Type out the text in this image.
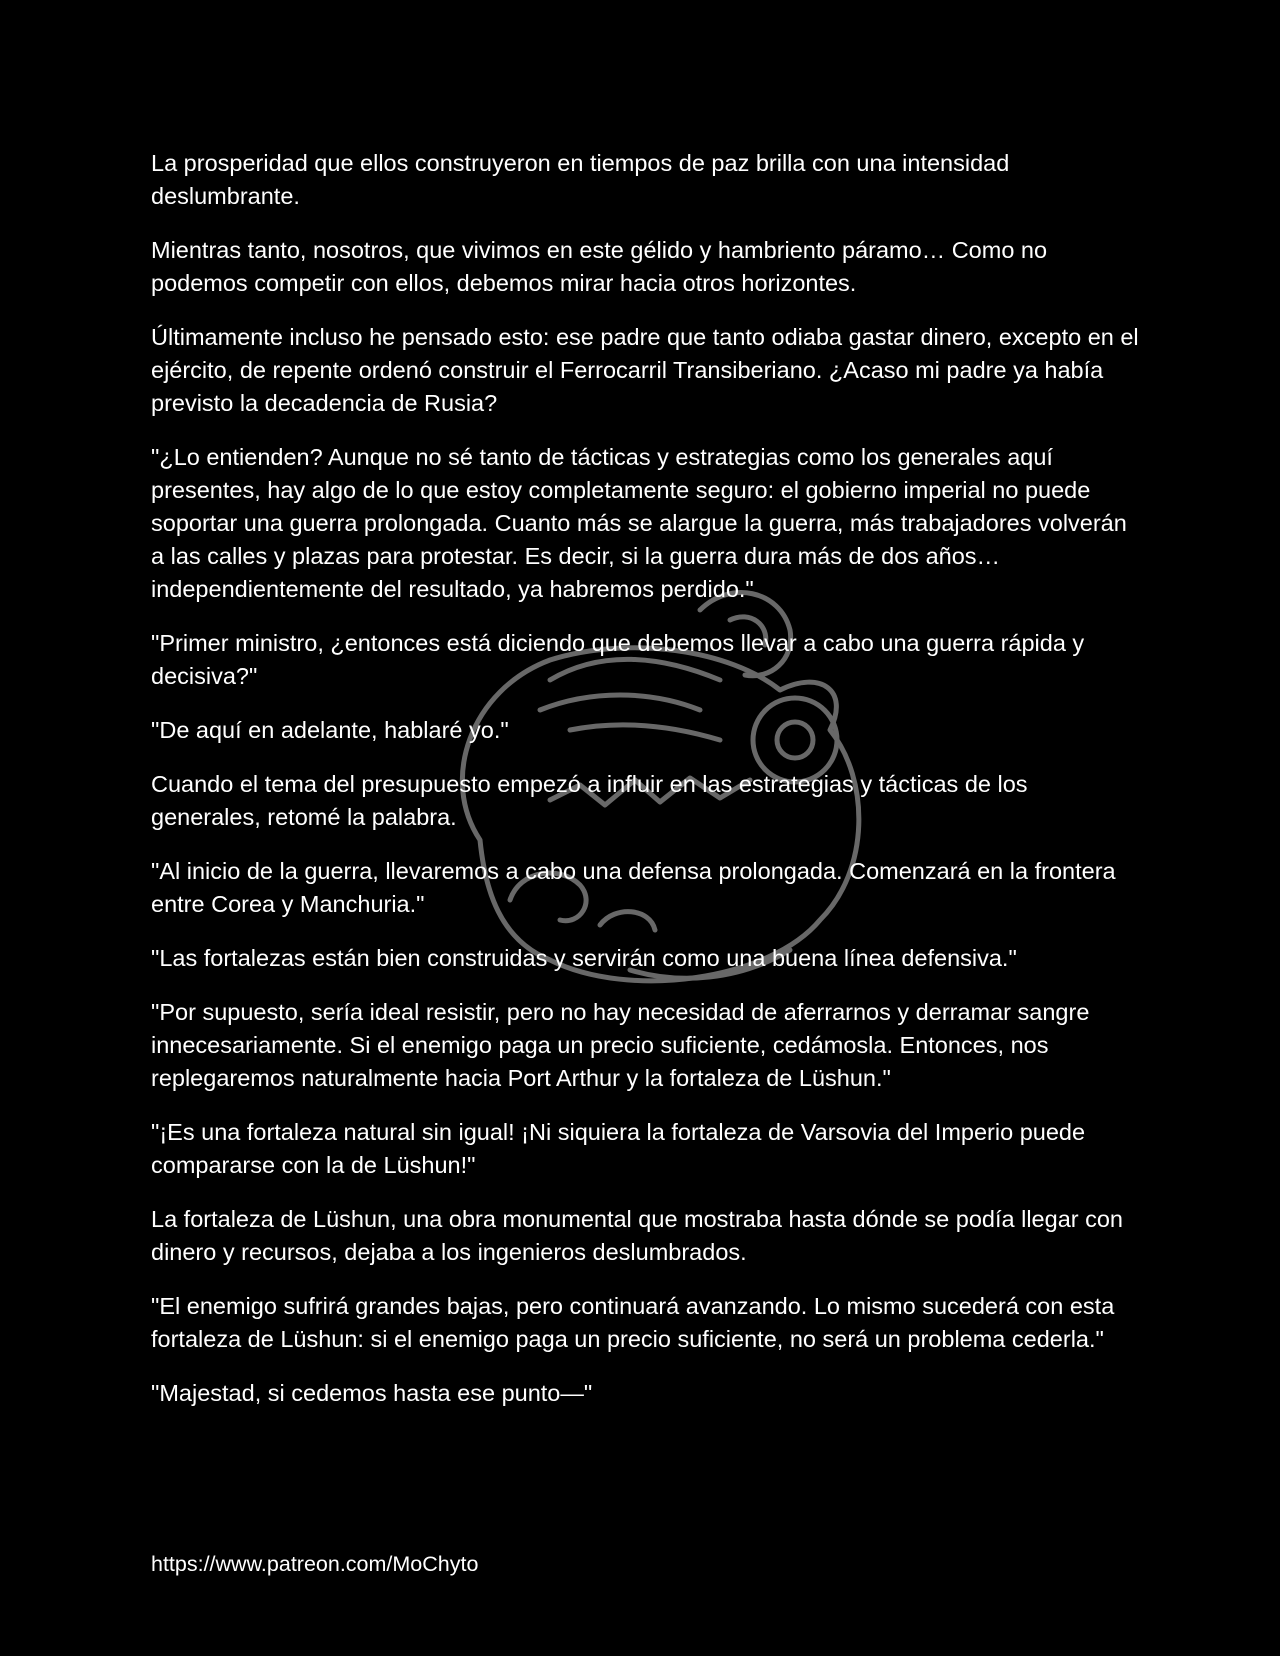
La prosperidad que ellos construyeron en tiempos de paz brilla con una intensidad deslumbrante.

Mientras tanto, nosotros, que vivimos en este gélido y hambriento páramo… Como no podemos competir con ellos, debemos mirar hacia otros horizontes.

Últimamente incluso he pensado esto: ese padre que tanto odiaba gastar dinero, excepto en el ejército, de repente ordenó construir el Ferrocarril Transiberiano. ¿Acaso mi padre ya había previsto la decadencia de Rusia?

"¿Lo entienden? Aunque no sé tanto de tácticas y estrategias como los generales aquí presentes, hay algo de lo que estoy completamente seguro: el gobierno imperial no puede soportar una guerra prolongada. Cuanto más se alargue la guerra, más trabajadores volverán a las calles y plazas para protestar. Es decir, si la guerra dura más de dos años… independientemente del resultado, ya habremos perdido."

"Primer ministro, ¿entonces está diciendo que debemos llevar a cabo una guerra rápida y decisiva?"

"De aquí en adelante, hablaré yo."

Cuando el tema del presupuesto empezó a influir en las estrategias y tácticas de los generales, retomé la palabra.

"Al inicio de la guerra, llevaremos a cabo una defensa prolongada. Comenzará en la frontera entre Corea y Manchuria."

"Las fortalezas están bien construidas y servirán como una buena línea defensiva."

"Por supuesto, sería ideal resistir, pero no hay necesidad de aferrarnos y derramar sangre innecesariamente. Si el enemigo paga un precio suficiente, cedámosla. Entonces, nos replegaremos naturalmente hacia Port Arthur y la fortaleza de Lüshun."

"¡Es una fortaleza natural sin igual! ¡Ni siquiera la fortaleza de Varsovia del Imperio puede compararse con la de Lüshun!"

La fortaleza de Lüshun, una obra monumental que mostraba hasta dónde se podía llegar con dinero y recursos, dejaba a los ingenieros deslumbrados.

"El enemigo sufrirá grandes bajas, pero continuará avanzando. Lo mismo sucederá con esta fortaleza de Lüshun: si el enemigo paga un precio suficiente, no será un problema cederla."

"Majestad, si cedemos hasta ese punto—"

https://www.patreon.com/MoChyto
